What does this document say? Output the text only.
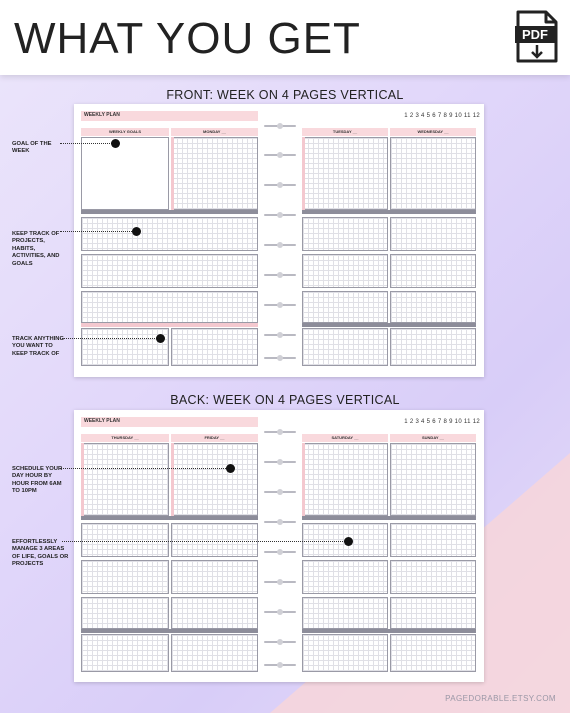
WHAT YOU GET	PDF
FRONT: WEEK ON 4 PAGES VERTICAL
WEEKLY PLAN
WEEKLY GOALS	MONDAY __
1 2 3 4 5 6 7 8 9 10 11 12
TUESDAY __	WEDNESDAY __
BACK: WEEK ON 4 PAGES VERTICAL
WEEKLY PLAN
THURSDAY __	FRIDAY __
1 2 3 4 5 6 7 8 9 10 11 12
SATURDAY __	SUNDAY __
GOAL OF THE WEEK
KEEP TRACK OF PROJECTS, HABITS, ACTIVITIES, AND GOALS
TRACK ANYTHING YOU WANT TO KEEP TRACK OF
SCHEDULE YOUR DAY HOUR BY HOUR FROM 6AM TO 10PM
EFFORTLESSLY MANAGE 3 AREAS OF LIFE, GOALS OR PROJECTS
PAGEDORABLE.ETSY.COM
